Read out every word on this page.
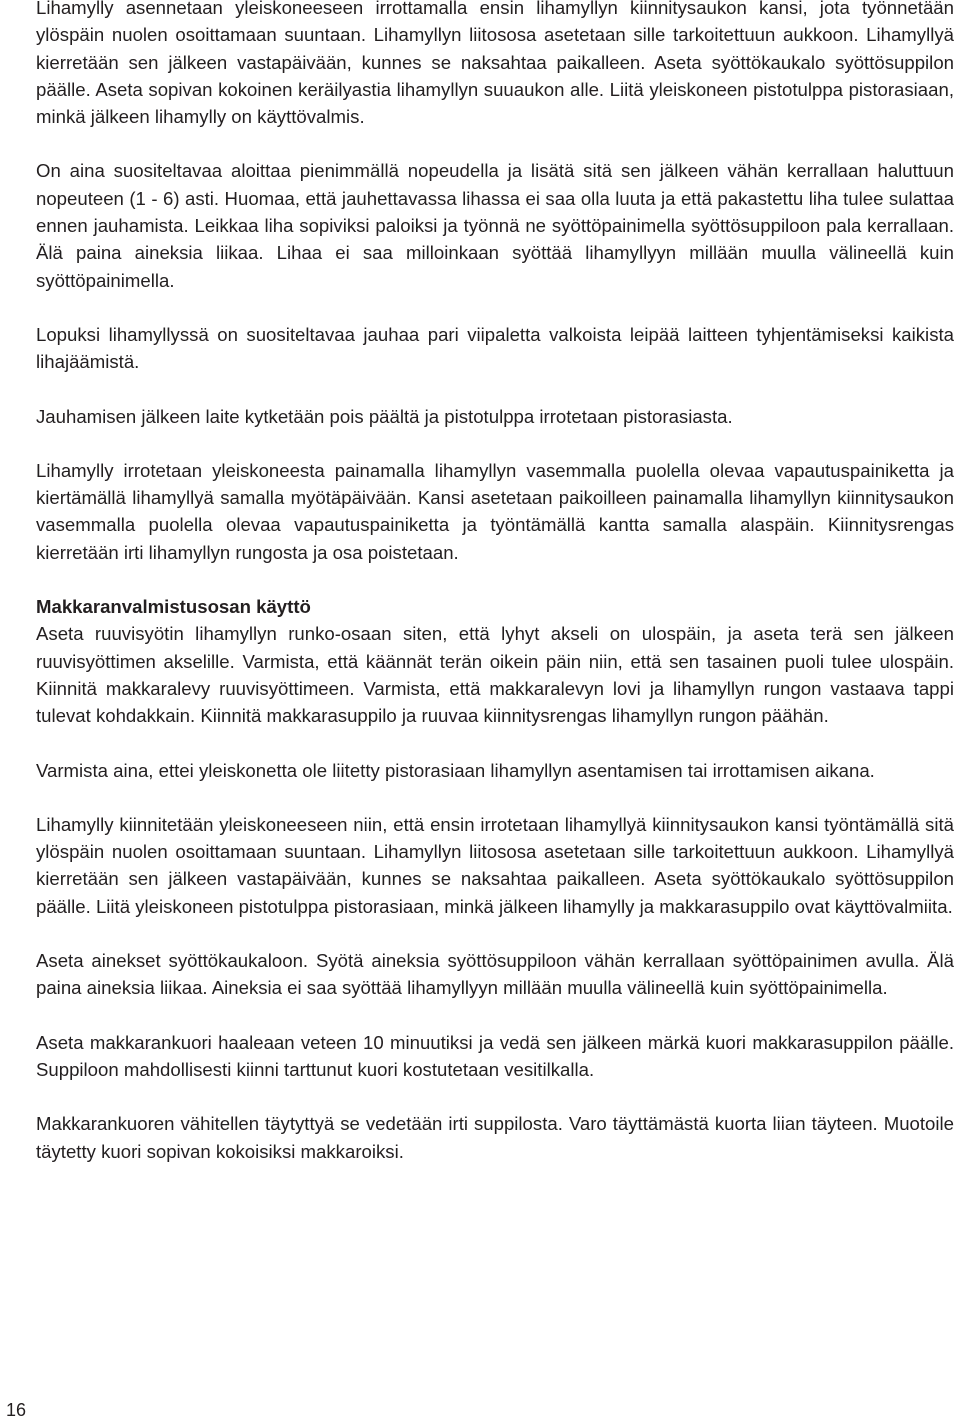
Lihamylly asennetaan yleiskoneeseen irrottamalla ensin lihamyllyn kiinnitysaukon kansi, jota työnnetään ylöspäin nuolen osoittamaan suuntaan. Lihamyllyn liitososa asetetaan sille tarkoitettuun aukkoon. Lihamyllyä kierretään sen jälkeen vastapäivään, kunnes se naksahtaa paikalleen. Aseta syöttökaukalo syöttösuppilon päälle. Aseta sopivan kokoinen keräilyastia lihamyllyn suuaukon alle. Liitä yleiskoneen pistotulppa pistorasiaan, minkä jälkeen lihamylly on käyttövalmis.

On aina suositeltavaa aloittaa pienimmällä nopeudella ja lisätä sitä sen jälkeen vähän kerrallaan haluttuun nopeuteen (1 - 6) asti. Huomaa, että jauhettavassa lihassa ei saa olla luuta ja että pakastettu liha tulee sulattaa ennen jauhamista. Leikkaa liha sopiviksi paloiksi ja työnnä ne syöttöpainimella syöttösuppiloon pala kerrallaan. Älä paina aineksia liikaa. Lihaa ei saa milloinkaan syöttää lihamyllyyn millään muulla välineellä kuin syöttöpainimella.

Lopuksi lihamyllyssä on suositeltavaa jauhaa pari viipaletta valkoista leipää laitteen tyhjentämiseksi kaikista lihajäämistä.

Jauhamisen jälkeen laite kytketään pois päältä ja pistotulppa irrotetaan pistorasiasta.

Lihamylly irrotetaan yleiskoneesta painamalla lihamyllyn vasemmalla puolella olevaa vapautuspainiketta ja kiertämällä lihamyllyä samalla myötäpäivään. Kansi asetetaan paikoilleen painamalla lihamyllyn kiinnitysaukon vasemmalla puolella olevaa vapautuspainiketta ja työntämällä kantta samalla alaspäin. Kiinnitysrengas kierretään irti lihamyllyn rungosta ja osa poistetaan.

Makkaranvalmistusosan käyttö

Aseta ruuvisyötin lihamyllyn runko-osaan siten, että lyhyt akseli on ulospäin, ja aseta terä sen jälkeen ruuvisyöttimen akselille. Varmista, että käännät terän oikein päin niin, että sen tasainen puoli tulee ulospäin. Kiinnitä makkaralevy ruuvisyöttimeen. Varmista, että makkaralevyn lovi ja lihamyllyn rungon vastaava tappi tulevat kohdakkain. Kiinnitä makkarasuppilo ja ruuvaa kiinnitysrengas lihamyllyn rungon päähän.

Varmista aina, ettei yleiskonetta ole liitetty pistorasiaan lihamyllyn asentamisen tai irrottamisen aikana.

Lihamylly kiinnitetään yleiskoneeseen niin, että ensin irrotetaan lihamyllyä kiinnitysaukon kansi työntämällä sitä ylöspäin nuolen osoittamaan suuntaan. Lihamyllyn liitososa asetetaan sille tarkoitettuun aukkoon. Lihamyllyä kierretään sen jälkeen vastapäivään, kunnes se naksahtaa paikalleen. Aseta syöttökaukalo syöttösuppilon päälle. Liitä yleiskoneen pistotulppa pistorasiaan, minkä jälkeen lihamylly ja makkarasuppilo ovat käyttövalmiita.

Aseta ainekset syöttökaukaloon. Syötä aineksia syöttösuppiloon vähän kerrallaan syöttöpainimen avulla. Älä paina aineksia liikaa. Aineksia ei saa syöttää lihamyllyyn millään muulla välineellä kuin syöttöpainimella.

Aseta makkarankuori haaleaan veteen 10 minuutiksi ja vedä sen jälkeen märkä kuori makkarasuppilon päälle. Suppiloon mahdollisesti kiinni tarttunut kuori kostutetaan vesitilkalla.

Makkarankuoren vähitellen täytyttyä se vedetään irti suppilosta. Varo täyttämästä kuorta liian täyteen. Muotoile täytetty kuori sopivan kokoisiksi makkaroiksi.

16
